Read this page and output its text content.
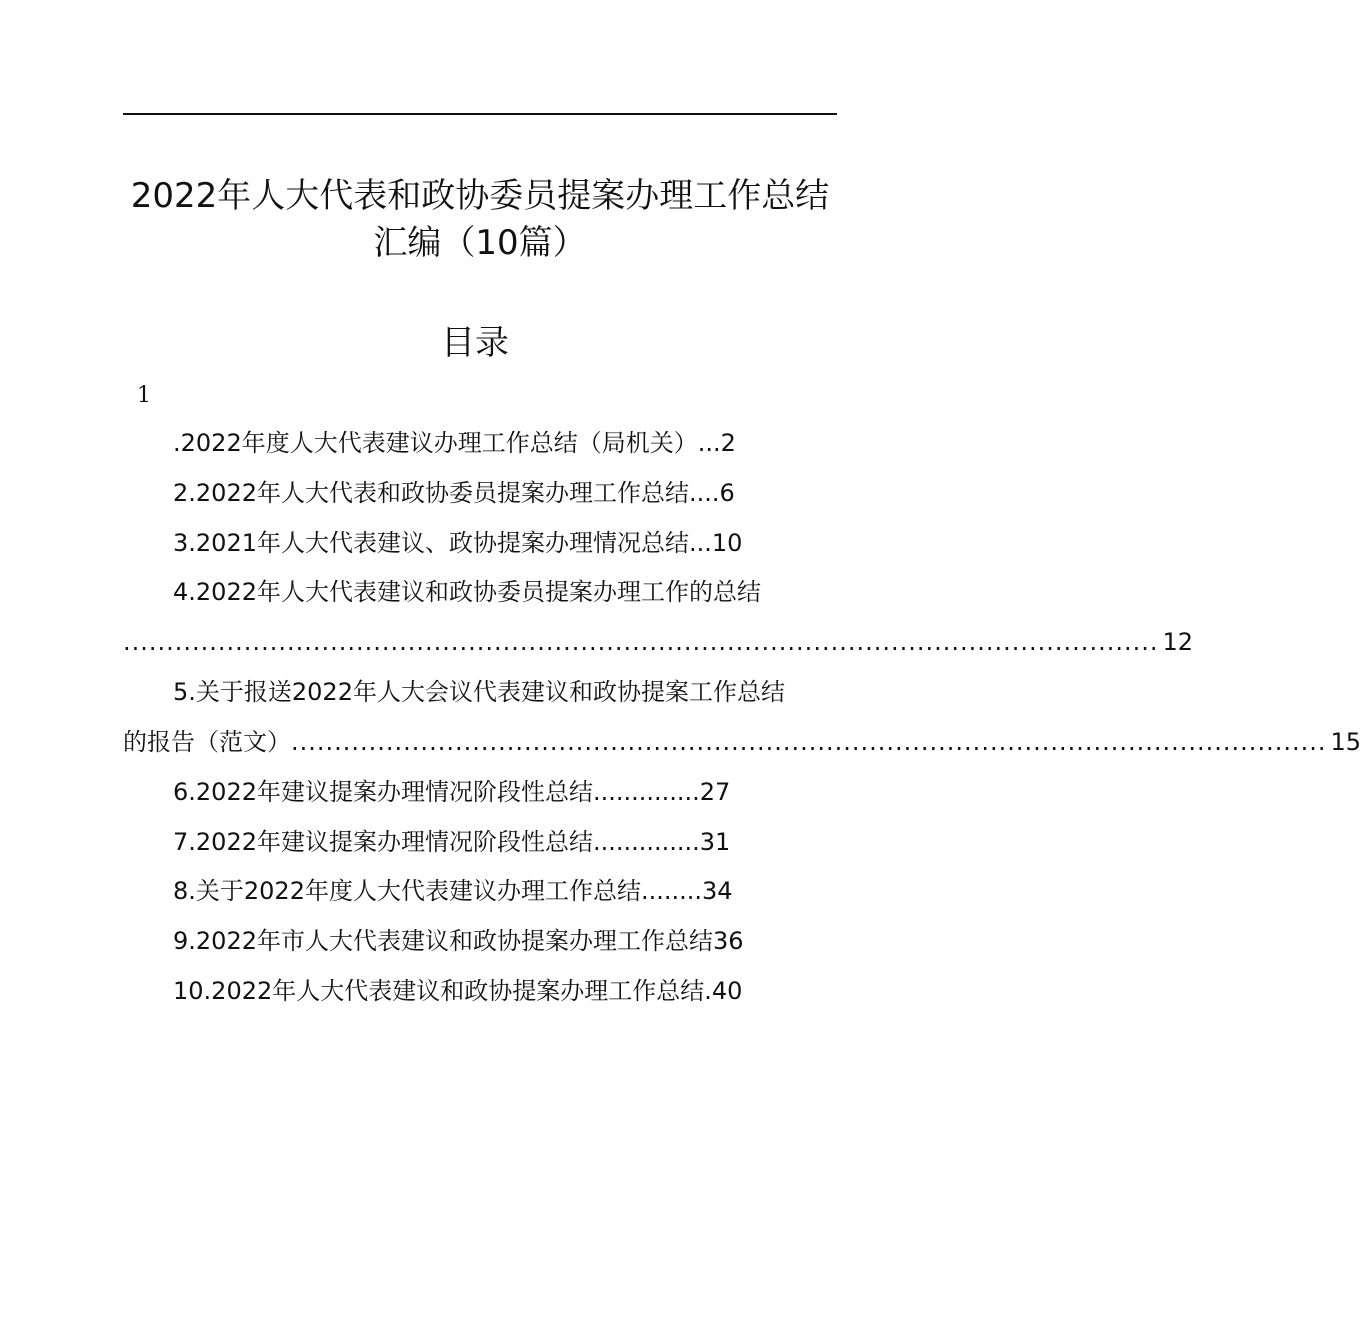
2022年人大代表和政协委员提案办理工作总结
汇编（10篇）
目录
1
.2022年度人大代表建议办理工作总结（局机关）...2
2.2022年人大代表和政协委员提案办理工作总结....6
3.2021年人大代表建议、政协提案办理情况总结...10
4.2022年人大代表建议和政协委员提案办理工作的总结
........................................................................................................................ 12
5.关于报送2022年人大会议代表建议和政协提案工作总结
的报告（范文） ........................................................................................................................ 15
6.2022年建议提案办理情况阶段性总结..............27
7.2022年建议提案办理情况阶段性总结..............31
8.关于2022年度人大代表建议办理工作总结........34
9.2022年市人大代表建议和政协提案办理工作总结36
10.2022年人大代表建议和政协提案办理工作总结.40
